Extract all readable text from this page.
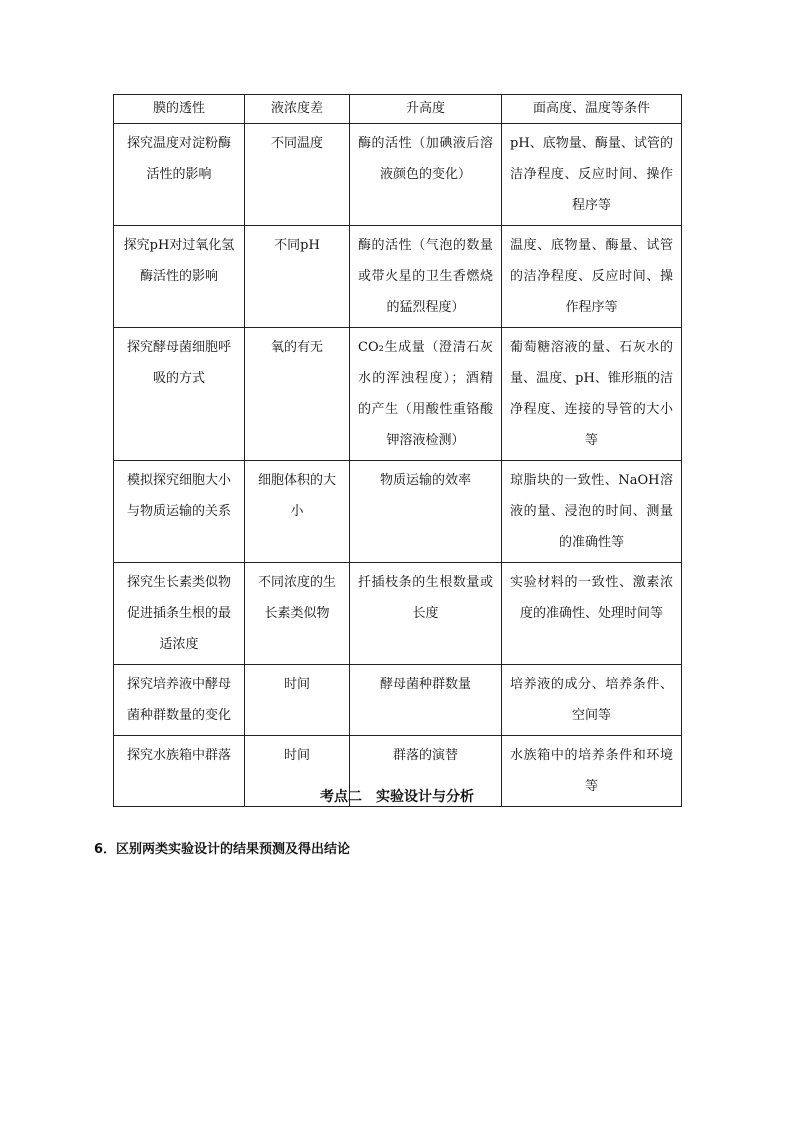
膜的透性	液浓度差	升高度	面高度、温度等条件
探究温度对淀粉酶活性的影响	不同温度	酶的活性（加碘液后溶液颜色的变化）	pH、底物量、酶量、试管的洁净程度、反应时间、操作程序等
探究pH对过氧化氢酶活性的影响	不同pH	酶的活性（气泡的数量或带火星的卫生香燃烧的猛烈程度）	温度、底物量、酶量、试管的洁净程度、反应时间、操作程序等
探究酵母菌细胞呼吸的方式	氧的有无	CO₂生成量（澄清石灰水的浑浊程度）；酒精的产生（用酸性重铬酸钾溶液检测）	葡萄糖溶液的量、石灰水的量、温度、pH、锥形瓶的洁净程度、连接的导管的大小等
模拟探究细胞大小与物质运输的关系	细胞体积的大小	物质运输的效率	琼脂块的一致性、NaOH溶液的量、浸泡的时间、测量的准确性等
探究生长素类似物促进插条生根的最适浓度	不同浓度的生长素类似物	扦插枝条的生根数量或长度	实验材料的一致性、激素浓度的准确性、处理时间等
探究培养液中酵母菌种群数量的变化	时间	酵母菌种群数量	培养液的成分、培养条件、空间等
探究水族箱中群落	时间	群落的演替	水族箱中的培养条件和环境等
考点二　实验设计与分析
6．区别两类实验设计的结果预测及得出结论
